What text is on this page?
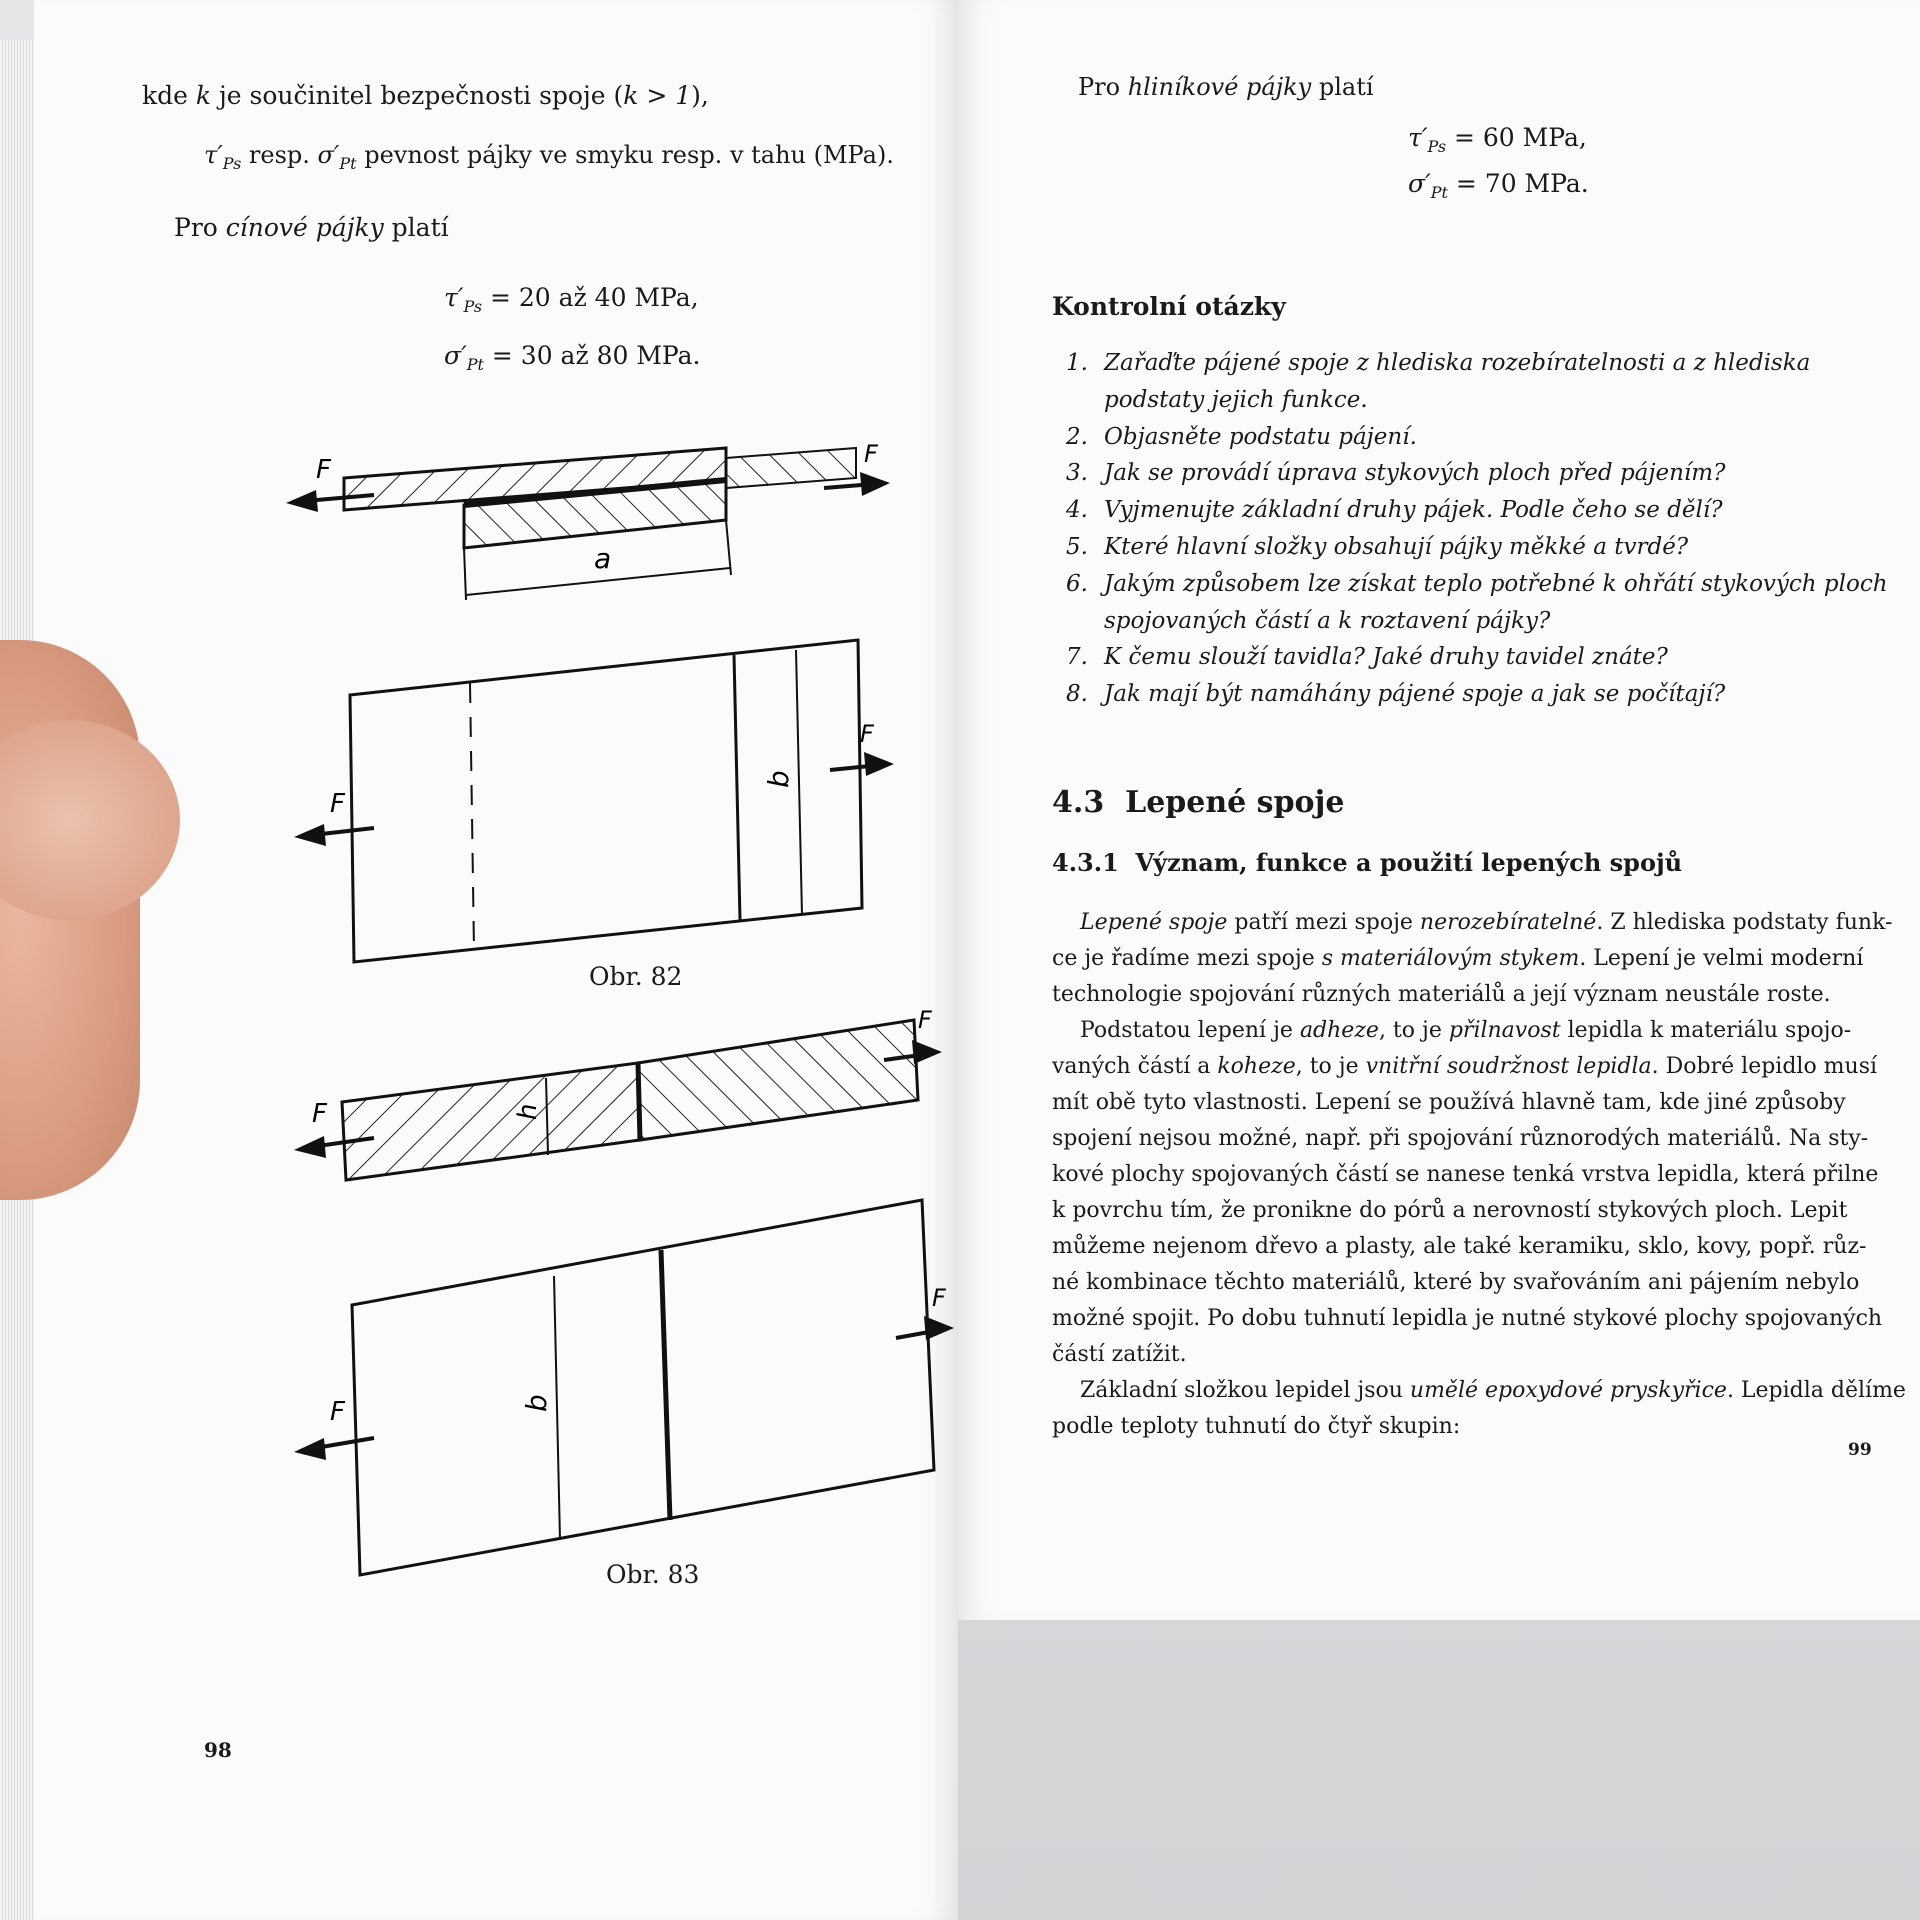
kde k je součinitel bezpečnosti spoje (k > 1),

$\tau'_{Ps}$ resp. $\sigma'_{Pt}$ pevnost pájky ve smyku resp. v tahu (MPa).

Pro cínové pájky platí

$\tau'_{Ps} = 20$ až 40 MPa,

$\sigma'_{Pt} = 30$ až 80 MPa.

a
F
F
b
F
F
h
F
F
b
F
F
Obr. 82
Obr. 83
98

Pro hliníkové pájky platí

$\tau'_{Ps} = 60$ MPa,

$\sigma'_{Pt} = 70$ MPa.

Kontrolní otázky
1. Zařaďte pájené spoje z hlediska rozebíratelnosti a z hlediska podstaty jejich funkce.
2. Objasněte podstatu pájení.
3. Jak se provádí úprava stykových ploch před pájením?
4. Vyjmenujte základní druhy pájek. Podle čeho se dělí?
5. Které hlavní složky obsahují pájky měkké a tvrdé?
6. Jakým způsobem lze získat teplo potřebné k ohřátí stykových ploch spojovaných částí a k roztavení pájky?
7. K čemu slouží tavidla? Jaké druhy tavidel znáte?
8. Jak mají být namáhány pájené spoje a jak se počítají?
4.3 Lepené spoje
4.3.1 Význam, funkce a použití lepených spojů
Lepené spoje patří mezi spoje nerozebíratelné. Z hlediska podstaty funk-
ce je řadíme mezi spoje s materiálovým stykem. Lepení je velmi moderní
technologie spojování různých materiálů a její význam neustále roste.
Podstatou lepení je adheze, to je přilnavost lepidla k materiálu spojo-
vaných částí a koheze, to je vnitřní soudržnost lepidla. Dobré lepidlo musí
mít obě tyto vlastnosti. Lepení se používá hlavně tam, kde jiné způsoby
spojení nejsou možné, např. při spojování různorodých materiálů. Na sty-
kové plochy spojovaných částí se nanese tenká vrstva lepidla, která přilne
k povrchu tím, že pronikne do pórů a nerovností stykových ploch. Lepit
můžeme nejenom dřevo a plasty, ale také keramiku, sklo, kovy, popř. růz-
né kombinace těchto materiálů, které by svařováním ani pájením nebylo
možné spojit. Po dobu tuhnutí lepidla je nutné stykové plochy spojovaných
částí zatížit.
Základní složkou lepidel jsou umělé epoxydové pryskyřice. Lepidla dělíme
podle teploty tuhnutí do čtyř skupin:
99
